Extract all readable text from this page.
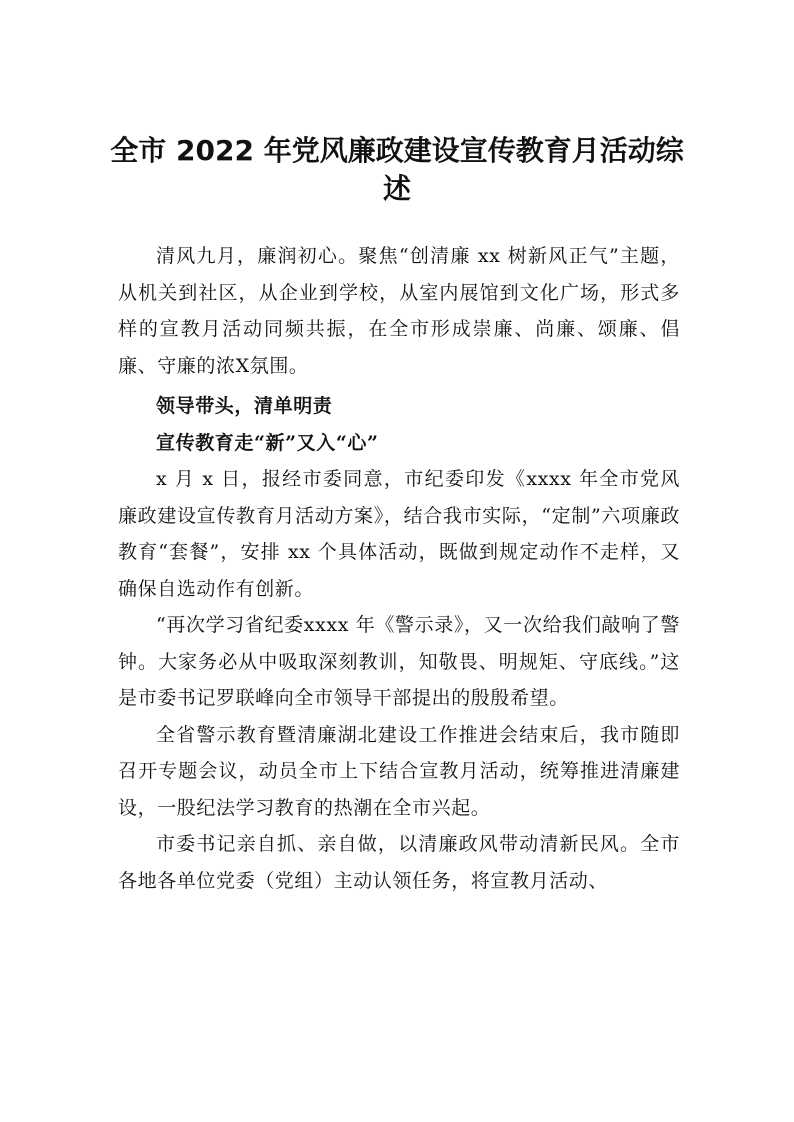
全市 2022 年党风廉政建设宣传教育月活动综述

清风九月，廉润初心。聚焦“创清廉 xx 树新风正气”主题，从机关到社区，从企业到学校，从室内展馆到文化广场，形式多样的宣教月活动同频共振，在全市形成崇廉、尚廉、颂廉、倡廉、守廉的浓X氛围。

领导带头，清单明责

宣传教育走“新”又入“心”

x 月 x 日，报经市委同意，市纪委印发《xxxx 年全市党风廉政建设宣传教育月活动方案》，结合我市实际，“定制”六项廉政教育“套餐”，安排 xx 个具体活动，既做到规定动作不走样，又确保自选动作有创新。

“再次学习省纪委xxxx 年《警示录》，又一次给我们敲响了警钟。大家务必从中吸取深刻教训，知敬畏、明规矩、守底线。”这是市委书记罗联峰向全市领导干部提出的殷殷希望。

全省警示教育暨清廉湖北建设工作推进会结束后，我市随即召开专题会议，动员全市上下结合宣教月活动，统筹推进清廉建设，一股纪法学习教育的热潮在全市兴起。

市委书记亲自抓、亲自做，以清廉政风带动清新民风。全市各地各单位党委（党组）主动认领任务，将宣教月活动、
